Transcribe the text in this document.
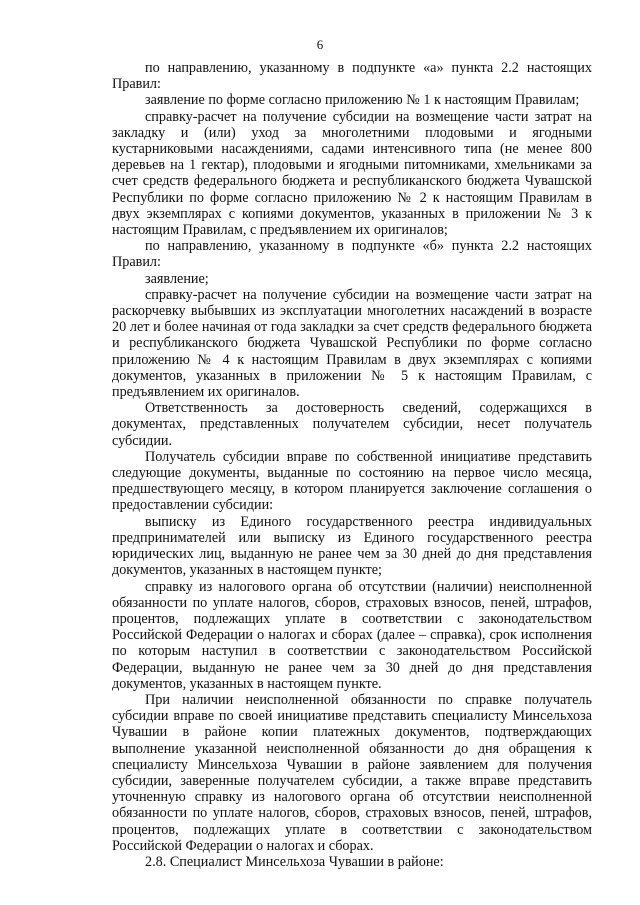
6

по направлению, указанному в подпункте «а» пункта 2.2 настоящих Правил:

заявление по форме согласно приложению № 1 к настоящим Правилам;

справку-расчет на получение субсидии на возмещение части затрат на закладку и (или) уход за многолетними плодовыми и ягодными кустарниковыми насаждениями, садами интенсивного типа (не менее 800 деревьев на 1 гектар), плодовыми и ягодными питомниками, хмельниками за счет средств федерального бюджета и республиканского бюджета Чувашской Республики по форме согласно приложению № 2 к настоящим Правилам в двух экземплярах с копиями документов, указанных в приложении № 3 к настоящим Правилам, с предъявлением их оригиналов;

по направлению, указанному в подпункте «б» пункта 2.2 настоящих Правил:

заявление;

справку-расчет на получение субсидии на возмещение части затрат на раскорчевку выбывших из эксплуатации многолетних насаждений в возрасте 20 лет и более начиная от года закладки за счет средств федерального бюджета и республиканского бюджета Чувашской Республики по форме согласно приложению № 4 к настоящим Правилам в двух экземплярах с копиями документов, указанных в приложении № 5 к настоящим Правилам, с предъявлением их оригиналов.

Ответственность за достоверность сведений, содержащихся в документах, представленных получателем субсидии, несет получатель субсидии.

Получатель субсидии вправе по собственной инициативе представить следующие документы, выданные по состоянию на первое число месяца, предшествующего месяцу, в котором планируется заключение соглашения о предоставлении субсидии:

выписку из Единого государственного реестра индивидуальных предпринимателей или выписку из Единого государственного реестра юридических лиц, выданную не ранее чем за 30 дней до дня представления документов, указанных в настоящем пункте;

справку из налогового органа об отсутствии (наличии) неисполненной обязанности по уплате налогов, сборов, страховых взносов, пеней, штрафов, процентов, подлежащих уплате в соответствии с законодательством Российской Федерации о налогах и сборах (далее – справка), срок исполнения по которым наступил в соответствии с законодательством Российской Федерации, выданную не ранее чем за 30 дней до дня представления документов, указанных в настоящем пункте.

При наличии неисполненной обязанности по справке получатель субсидии вправе по своей инициативе представить специалисту Минсельхоза Чувашии в районе копии платежных документов, подтверждающих выполнение указанной неисполненной обязанности до дня обращения к специалисту Минсельхоза Чувашии в районе заявлением для получения субсидии, заверенные получателем субсидии, а также вправе представить уточненную справку из налогового органа об отсутствии неисполненной обязанности по уплате налогов, сборов, страховых взносов, пеней, штрафов, процентов, подлежащих уплате в соответствии с законодательством Российской Федерации о налогах и сборах.

2.8. Специалист Минсельхоза Чувашии в районе:
